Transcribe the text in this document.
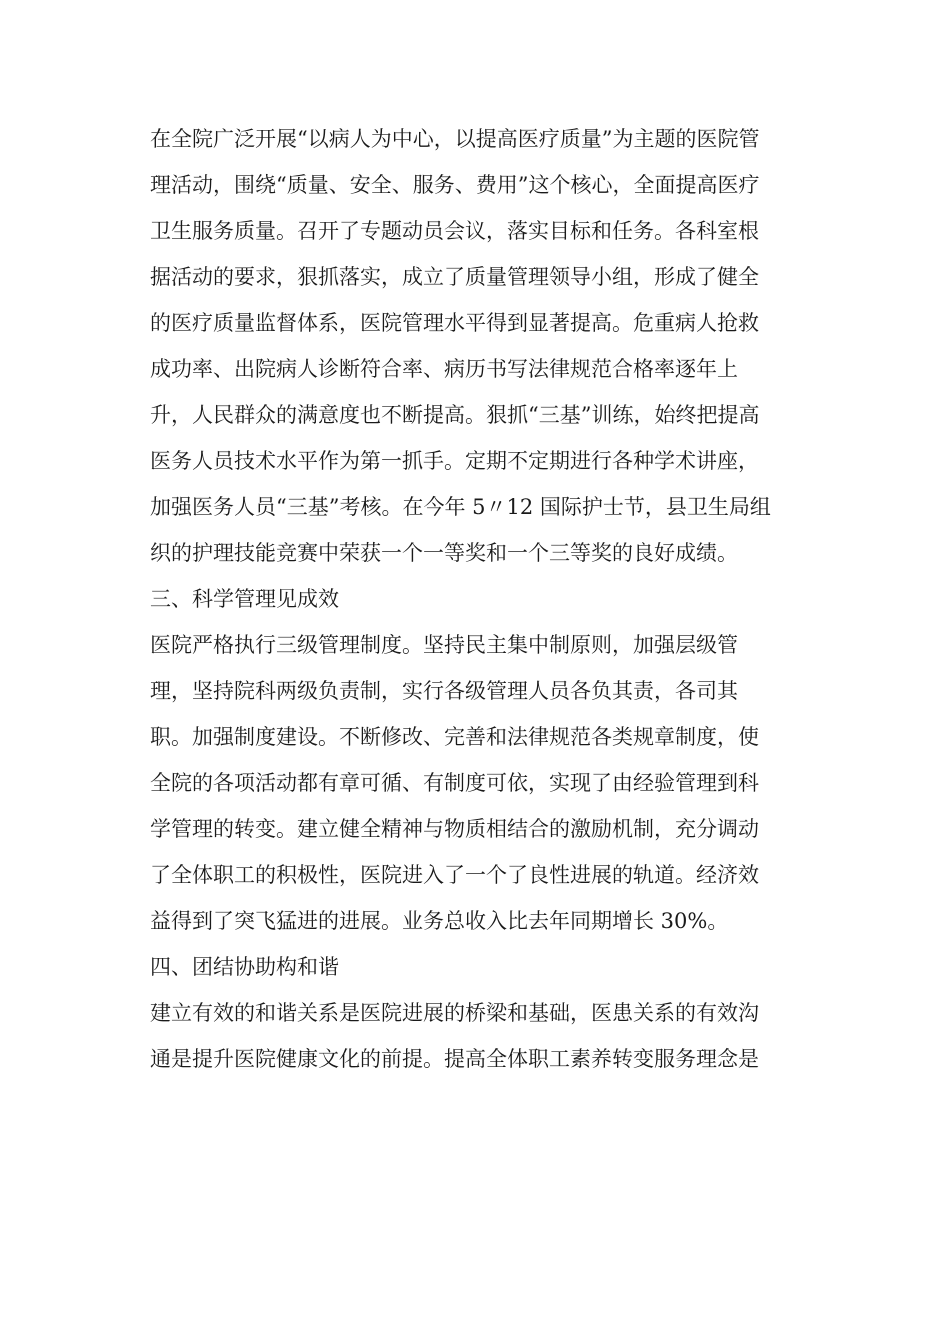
在全院广泛开展“以病人为中心，以提高医疗质量”为主题的医院管
理活动，围绕“质量、安全、服务、费用”这个核心，全面提高医疗
卫生服务质量。召开了专题动员会议，落实目标和任务。各科室根
据活动的要求，狠抓落实，成立了质量管理领导小组，形成了健全
的医疗质量监督体系，医院管理水平得到显著提高。危重病人抢救
成功率、出院病人诊断符合率、病历书写法律规范合格率逐年上
升，人民群众的满意度也不断提高。狠抓“三基”训练，始终把提高
医务人员技术水平作为第一抓手。定期不定期进行各种学术讲座，
加强医务人员“三基”考核。在今年 5〃12 国际护士节，县卫生局组
织的护理技能竞赛中荣获一个一等奖和一个三等奖的良好成绩。
三、科学管理见成效
医院严格执行三级管理制度。坚持民主集中制原则，加强层级管
理，坚持院科两级负责制，实行各级管理人员各负其责，各司其
职。加强制度建设。不断修改、完善和法律规范各类规章制度，使
全院的各项活动都有章可循、有制度可依，实现了由经验管理到科
学管理的转变。建立健全精神与物质相结合的激励机制，充分调动
了全体职工的积极性，医院进入了一个了良性进展的轨道。经济效
益得到了突飞猛进的进展。业务总收入比去年同期增长 30%。
四、团结协助构和谐
建立有效的和谐关系是医院进展的桥梁和基础，医患关系的有效沟
通是提升医院健康文化的前提。提高全体职工素养转变服务理念是
